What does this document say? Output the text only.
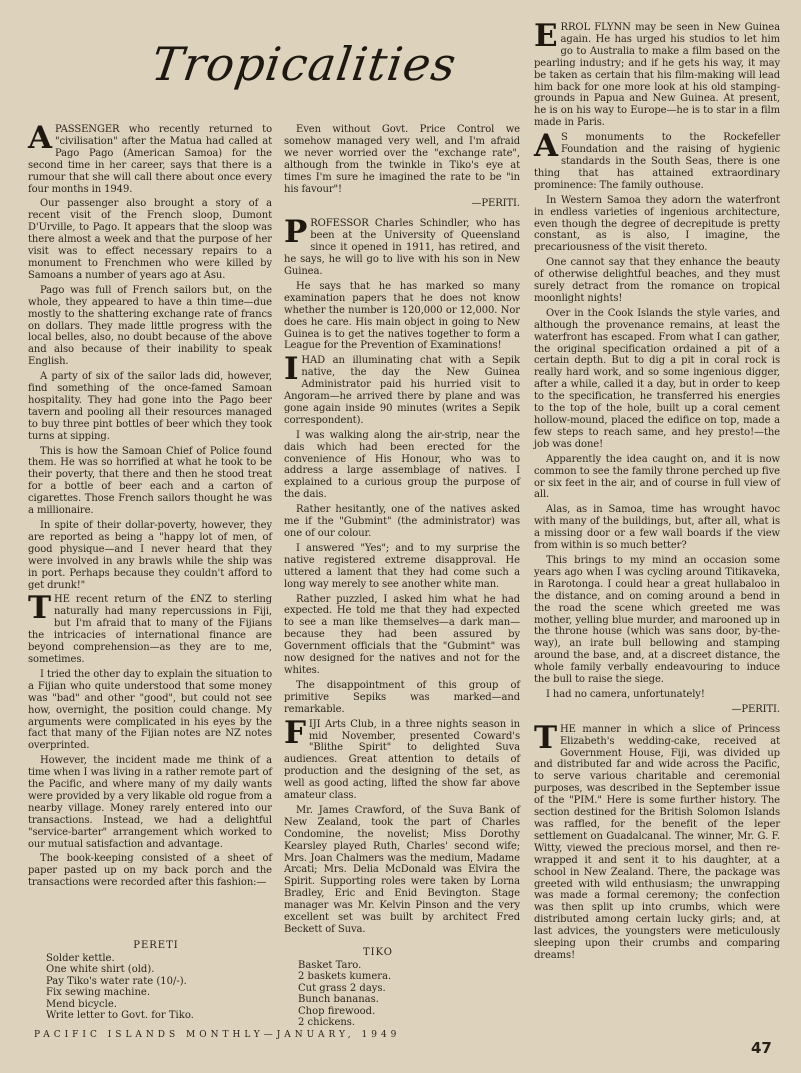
Tropicalities

APASSENGER who recently returned to "civilisation" after the Matua had called at Pago Pago (American Samoa) for the second time in her career, says that there is a rumour that she will call there about once every four months in 1949.

Our passenger also brought a story of a recent visit of the French sloop, Dumont D'Urville, to Pago. It appears that the sloop was there almost a week and that the purpose of her visit was to effect necessary repairs to a monument to Frenchmen who were killed by Samoans a number of years ago at Asu.

Pago was full of French sailors but, on the whole, they appeared to have a thin time—due mostly to the shattering exchange rate of francs on dollars. They made little progress with the local belles, also, no doubt because of the above and also because of their inability to speak English.

A party of six of the sailor lads did, however, find something of the once-famed Samoan hospitality. They had gone into the Pago beer tavern and pooling all their resources managed to buy three pint bottles of beer which they took turns at sipping.

This is how the Samoan Chief of Police found them. He was so horrified at what he took to be their poverty, that there and then he stood treat for a bottle of beer each and a carton of cigarettes. Those French sailors thought he was a millionaire.

In spite of their dollar-poverty, however, they are reported as being a "happy lot of men, of good physique—and I never heard that they were involved in any brawls while the ship was in port. Perhaps because they couldn't afford to get drunk!"

THE recent return of the £NZ to sterling naturally had many repercussions in Fiji, but I'm afraid that to many of the Fijians the intricacies of international finance are beyond comprehension—as they are to me, sometimes.

I tried the other day to explain the situation to a Fijian who quite understood that some money was "bad" and other "good", but could not see how, overnight, the position could change. My arguments were complicated in his eyes by the fact that many of the Fijian notes are NZ notes overprinted.

However, the incident made me think of a time when I was living in a rather remote part of the Pacific, and where many of my daily wants were provided by a very likable old rogue from a nearby village. Money rarely entered into our transactions. Instead, we had a delightful "service-barter" arrangement which worked to our mutual satisfaction and advantage.

The book-keeping consisted of a sheet of paper pasted up on my back porch and the transactions were recorded after this fashion:—

Even without Govt. Price Control we somehow managed very well, and I'm afraid we never worried over the "exchange rate", although from the twinkle in Tiko's eye at times I'm sure he imagined the rate to be "in his favour"!

—PERITI.

PROFESSOR Charles Schindler, who has been at the University of Queensland since it opened in 1911, has retired, and he says, he will go to live with his son in New Guinea.

He says that he has marked so many examination papers that he does not know whether the number is 120,000 or 12,000. Nor does he care. His main object in going to New Guinea is to get the natives together to form a League for the Prevention of Examinations!

IHAD an illuminating chat with a Sepik native, the day the New Guinea Administrator paid his hurried visit to Angoram—he arrived there by plane and was gone again inside 90 minutes (writes a Sepik correspondent).

I was walking along the air-strip, near the dais which had been erected for the convenience of His Honour, who was to address a large assemblage of natives. I explained to a curious group the purpose of the dais.

Rather hesitantly, one of the natives asked me if the "Gubmint" (the administrator) was one of our colour.

I answered "Yes"; and to my surprise the native registered extreme disapproval. He uttered a lament that they had come such a long way merely to see another white man.

Rather puzzled, I asked him what he had expected. He told me that they had expected to see a man like themselves—a dark man—because they had been assured by Government officials that the "Gubmint" was now designed for the natives and not for the whites.

The disappointment of this group of primitive Sepiks was marked—and remarkable.

FIJI Arts Club, in a three nights season in mid November, presented Coward's "Blithe Spirit" to delighted Suva audiences. Great attention to details of production and the designing of the set, as well as good acting, lifted the show far above amateur class.

Mr. James Crawford, of the Suva Bank of New Zealand, took the part of Charles Condomine, the novelist; Miss Dorothy Kearsley played Ruth, Charles' second wife; Mrs. Joan Chalmers was the medium, Madame Arcati; Mrs. Delia McDonald was Elvira the Spirit. Supporting roles were taken by Lorna Bradley, Eric and Enid Bevington. Stage manager was Mr. Kelvin Pinson and the very excellent set was built by architect Fred Beckett of Suva.

ERROL FLYNN may be seen in New Guinea again. He has urged his studios to let him go to Australia to make a film based on the pearling industry; and if he gets his way, it may be taken as certain that his film-making will lead him back for one more look at his old stamping-grounds in Papua and New Guinea. At present, he is on his way to Europe—he is to star in a film made in Paris.

A S monuments to the Rockefeller Foundation and the raising of hygienic standards in the South Seas, there is one thing that has attained extraordinary prominence: The family outhouse.

In Western Samoa they adorn the waterfront in endless varieties of ingenious architecture, even though the degree of decrepitude is pretty constant, as is also, I imagine, the precariousness of the visit thereto.

One cannot say that they enhance the beauty of otherwise delightful beaches, and they must surely detract from the romance on tropical moonlight nights!

Over in the Cook Islands the style varies, and although the provenance remains, at least the waterfront has escaped. From what I can gather, the original specification ordained a pit of a certain depth. But to dig a pit in coral rock is really hard work, and so some ingenious digger, after a while, called it a day, but in order to keep to the specification, he transferred his energies to the top of the hole, built up a coral cement hollow-mound, placed the edifice on top, made a few steps to reach same, and hey presto!—the job was done!

Apparently the idea caught on, and it is now common to see the family throne perched up five or six feet in the air, and of course in full view of all.

Alas, as in Samoa, time has wrought havoc with many of the buildings, but, after all, what is a missing door or a few wall boards if the view from within is so much better?

This brings to my mind an occasion some years ago when I was cycling around Titikaveka, in Rarotonga. I could hear a great hullabaloo in the distance, and on coming around a bend in the road the scene which greeted me was mother, yelling blue murder, and marooned up in the throne house (which was sans door, by-the-way), an irate bull bellowing and stamping around the base, and, at a discreet distance, the whole family verbally endeavouring to induce the bull to raise the siege.

I had no camera, unfortunately!

—PERITI.

THE manner in which a slice of Princess Elizabeth's wedding-cake, received at Government House, Fiji, was divided up and distributed far and wide across the Pacific, to serve various charitable and ceremonial purposes, was described in the September issue of the "PIM." Here is some further history. The section destined for the British Solomon Islands was raffled, for the benefit of the leper settlement on Guadalcanal. The winner, Mr. G. F. Witty, viewed the precious morsel, and then re-wrapped it and sent it to his daughter, at a school in New Zealand. There, the package was greeted with wild enthusiasm; the unwrapping was made a formal ceremony; the confection was then split up into crumbs, which were distributed among certain lucky girls; and, at last advices, the youngsters were meticulously sleeping upon their crumbs and comparing dreams!

PERETI
Solder kettle.
One white shirt (old).
Pay Tiko's water rate (10/-).
Fix sewing machine.
Mend bicycle.
Write letter to Govt. for Tiko.
TIKO
Basket Taro.
2 baskets kumera.
Cut grass 2 days.
Bunch bananas.
Chop firewood.
2 chickens.
PACIFIC ISLANDS MONTHLY—JANUARY, 1949
47
